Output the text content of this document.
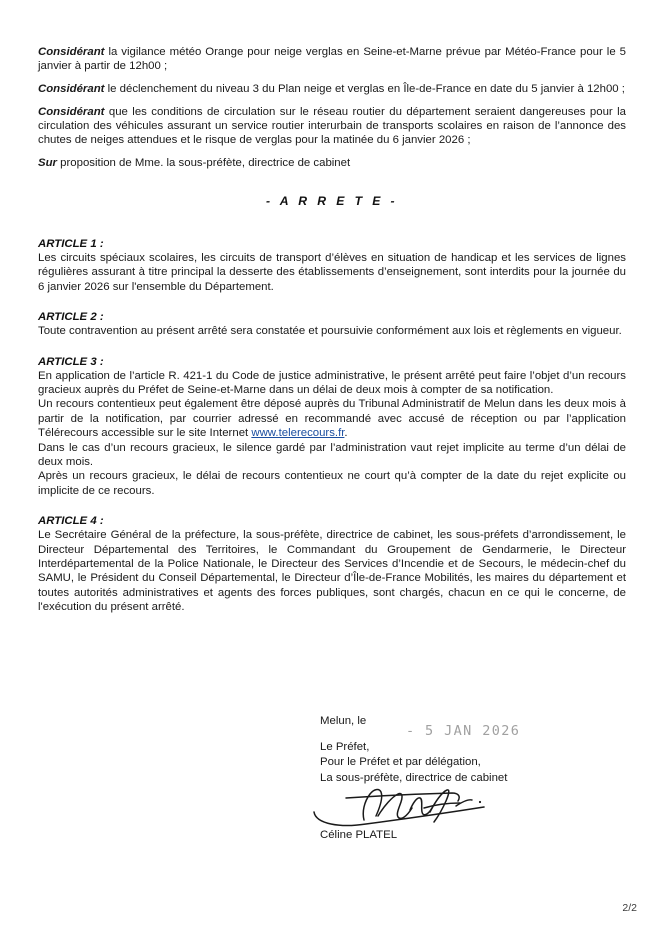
Considérant la vigilance météo Orange pour neige verglas en Seine-et-Marne prévue par Météo-France pour le 5 janvier à partir de 12h00 ;

Considérant le déclenchement du niveau 3 du Plan neige et verglas en Île-de-France en date du 5 janvier à 12h00 ;

Considérant que les conditions de circulation sur le réseau routier du département seraient dangereuses pour la circulation des véhicules assurant un service routier interurbain de transports scolaires en raison de l’annonce des chutes de neiges attendues et le risque de verglas pour la matinée du 6 janvier 2026 ;

Sur proposition de Mme. la sous-préfète, directrice de cabinet

- A R R E T E -
ARTICLE 1 :

Les circuits spéciaux scolaires, les circuits de transport d’élèves en situation de handicap et les services de lignes régulières assurant à titre principal la desserte des établissements d’enseignement, sont interdits pour la journée du 6 janvier 2026 sur l'ensemble du Département.

ARTICLE 2 :

Toute contravention au présent arrêté sera constatée et poursuivie conformément aux lois et règlements en vigueur.

ARTICLE 3 :

En application de l’article R. 421-1 du Code de justice administrative, le présent arrêté peut faire l’objet d’un recours gracieux auprès du Préfet de Seine-et-Marne dans un délai de deux mois à compter de sa notification.

Un recours contentieux peut également être déposé auprès du Tribunal Administratif de Melun dans les deux mois à partir de la notification, par courrier adressé en recommandé avec accusé de réception ou par l’application Télérecours accessible sur le site Internet www.telerecours.fr.

Dans le cas d’un recours gracieux, le silence gardé par l’administration vaut rejet implicite au terme d’un délai de deux mois.

Après un recours gracieux, le délai de recours contentieux ne court qu’à compter de la date du rejet explicite ou implicite de ce recours.

ARTICLE 4 :

Le Secrétaire Général de la préfecture, la sous-préfète, directrice de cabinet, les sous-préfets d’arrondissement, le Directeur Départemental des Territoires, le Commandant du Groupement de Gendarmerie, le Directeur Interdépartemental de la Police Nationale, le Directeur des Services d’Incendie et de Secours, le médecin-chef du SAMU, le Président du Conseil Départemental, le Directeur d’Île-de-France Mobilités, les maires du département et toutes autorités administratives et agents des forces publiques, sont chargés, chacun en ce qui le concerne, de l'exécution du présent arrêté.

Melun, le
- 5 JAN 2026
Le Préfet,
Pour le Préfet et par délégation,
La sous-préfète, directrice de cabinet
Céline PLATEL
2/2
